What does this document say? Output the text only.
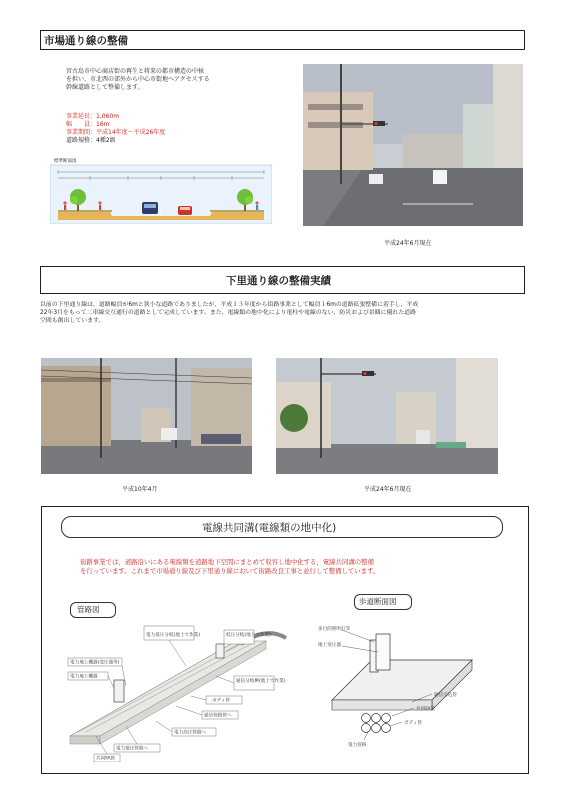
市場通り線の整備
宮古島市中心商店街の再生と将来の都市構造の中核
を担い、市北西の郊外から中心市街地へアクセスする
幹線道路として整備します。
事業延長：1,060m
幅　　員：16m
事業期間：平成14年度～平成26年度
道路規格：4種2級
標準断面図
平成24年6月現在
下里通り線の整備実績
以前の下里通り線は，道路幅員が6mと狭小な道路でありましたが，平成１３年度から街路事業として幅員１6mの道路拡張整備に着手し，平成
22年3月をもって二車線交互通行の道路として完成しています。また，電線類の地中化により電柱や電線のない，防災および景観に優れた道路
空間も創出しています。
平成10年4月	平成24年6月現在
電線共同溝(電線類の地中化)
街路事業では，道路沿いにある電線類を道路地下空間にまとめて収容し地中化する，電線共同溝の整備
を行っています。これまで市場通り線及び下里通り線において街路改良工事と並行して整備しています。
管路図
電力地上機器(変圧器等)
電力地上機器
低圧分岐(地上で作業)
電力低圧分岐(地上で作業)
通信分岐桝(地上で作業)
ボディ管
通信管路管へ
電力高圧管路へ
電力低圧管路へ
共同FA管
歩道断面図
多目的照明灯等
地上変圧器
通信引込管
共用FA管
ボディ管
電力管路
